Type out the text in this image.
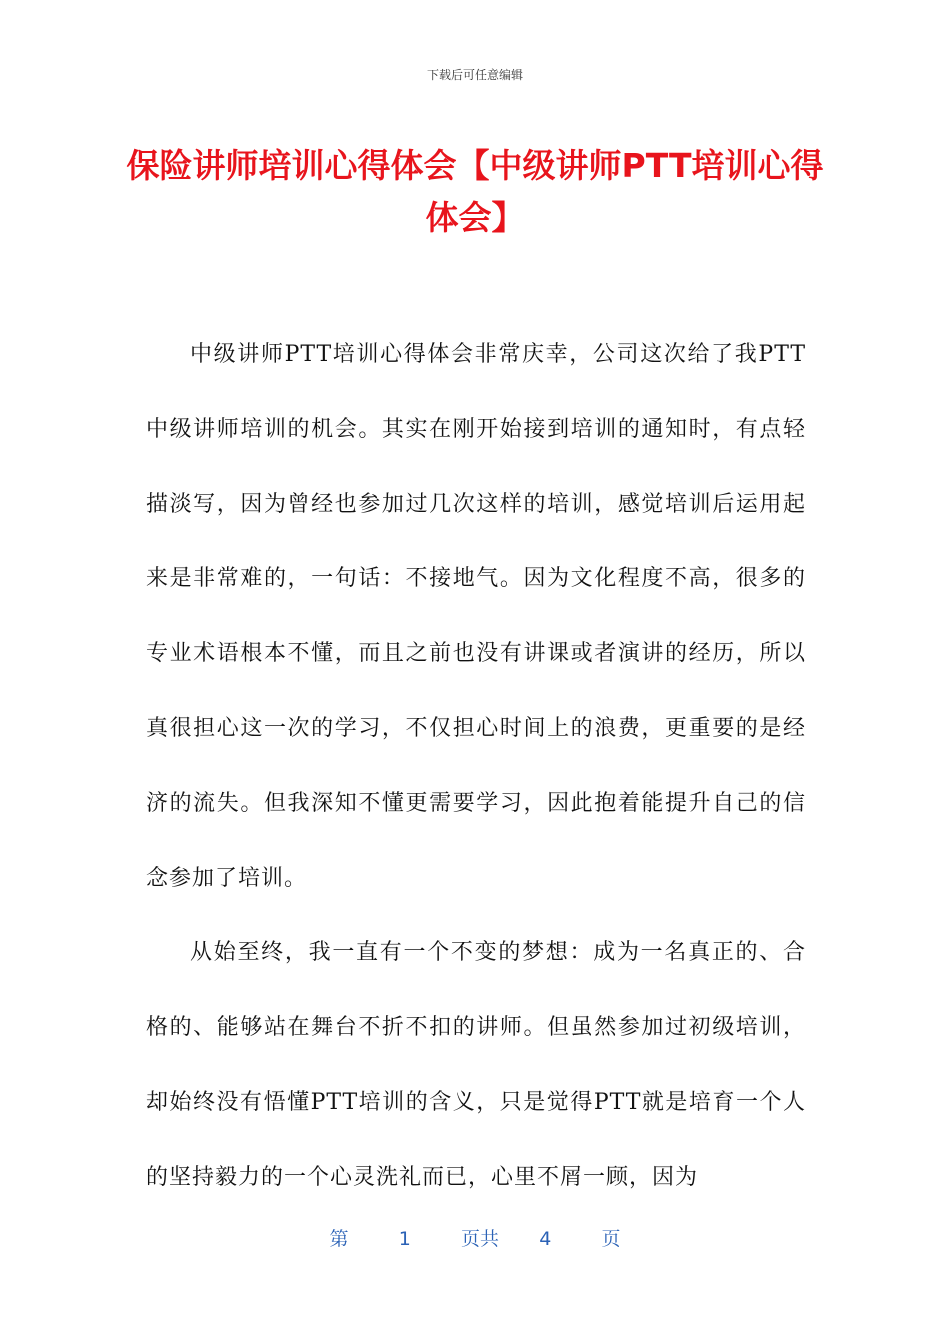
下载后可任意编辑
保险讲师培训心得体会【中级讲师PTT培训心得体会】

中级讲师PTT培训心得体会非常庆幸，公司这次给了我PTT中级讲师培训的机会。其实在刚开始接到培训的通知时，有点轻描淡写，因为曾经也参加过几次这样的培训，感觉培训后运用起来是非常难的，一句话：不接地气。因为文化程度不高，很多的专业术语根本不懂，而且之前也没有讲课或者演讲的经历，所以真很担心这一次的学习，不仅担心时间上的浪费，更重要的是经济的流失。但我深知不懂更需要学习，因此抱着能提升自己的信念参加了培训。

从始至终，我一直有一个不变的梦想：成为一名真正的、合格的、能够站在舞台不折不扣的讲师。但虽然参加过初级培训，却始终没有悟懂PTT培训的含义，只是觉得PTT就是培育一个人的坚持毅力的一个心灵洗礼而已，心里不屑一顾，因为

第	1	页共 4	页
